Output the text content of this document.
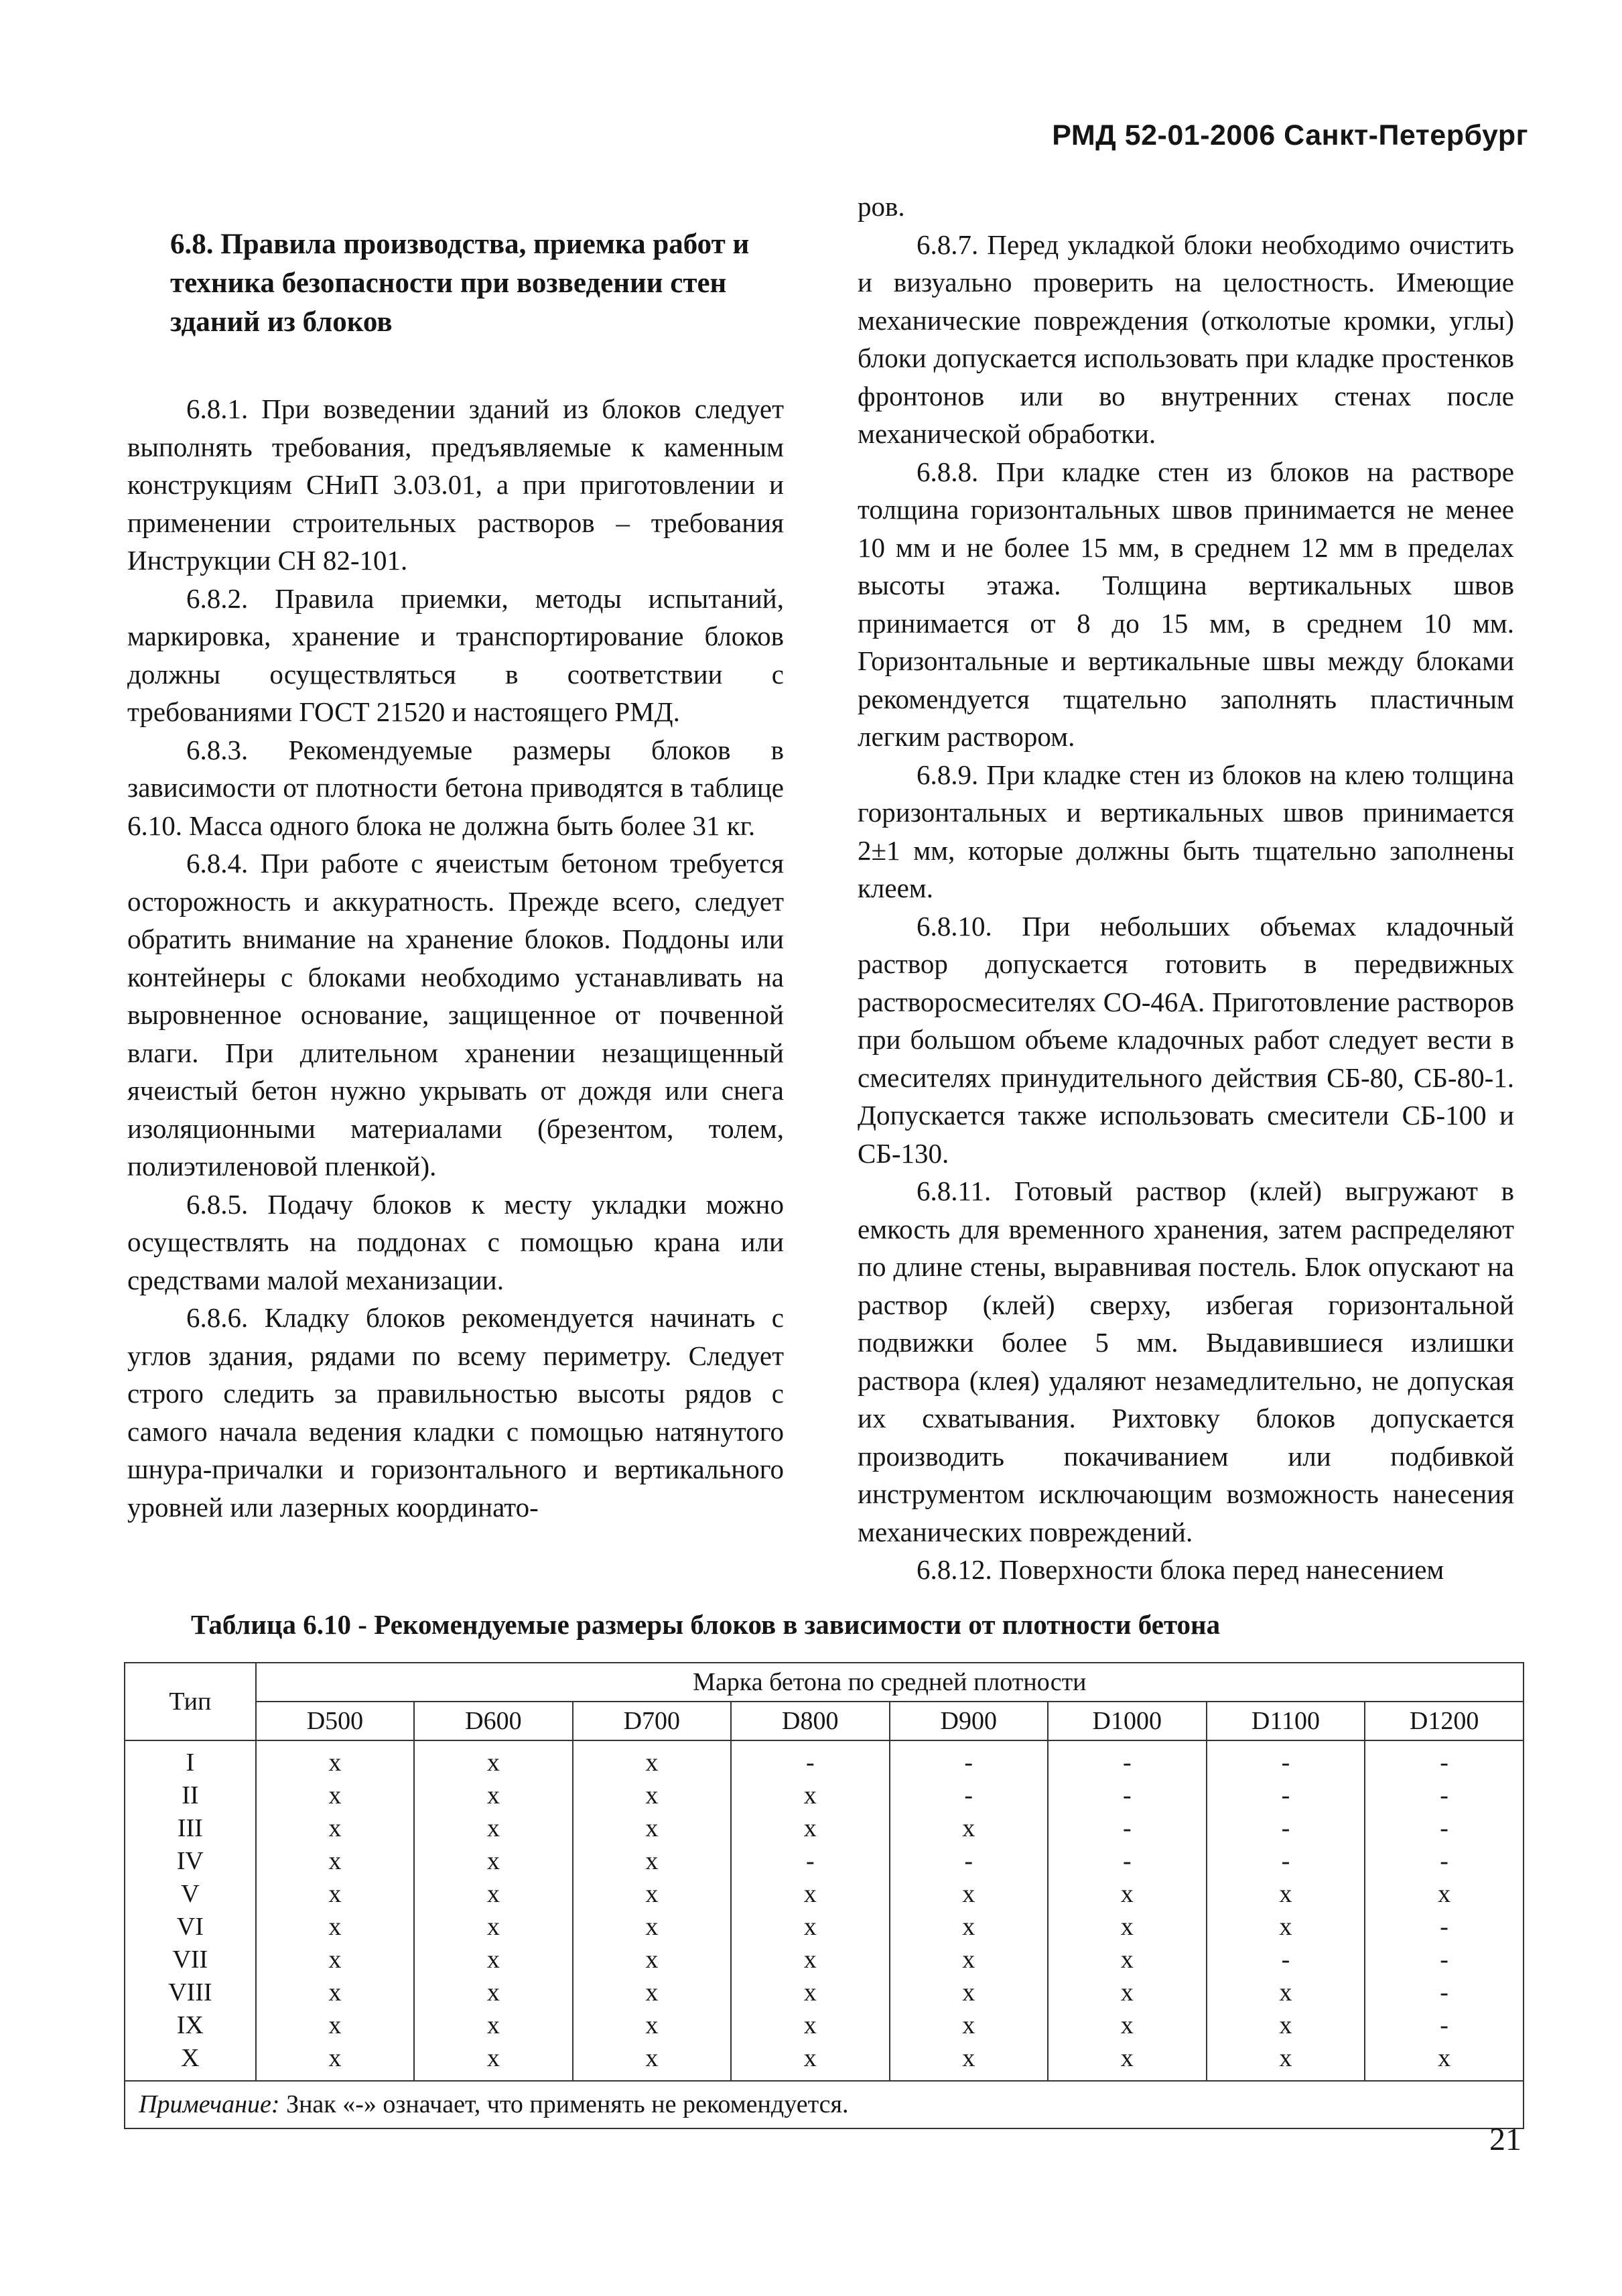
РМД 52-01-2006 Санкт-Петербург
6.8. Правила производства, приемка работ и техника безопасности при возведении стен зданий из блоков

6.8.1. При возведении зданий из блоков следует выполнять требования, предъявляемые к каменным конструкциям СНиП 3.03.01, а при приготовлении и применении строительных растворов – требования Инструкции СН 82-101.

6.8.2. Правила приемки, методы испытаний, маркировка, хранение и транспортирование блоков должны осуществляться в соответствии с требованиями ГОСТ 21520 и настоящего РМД.

6.8.3. Рекомендуемые размеры блоков в зависимости от плотности бетона приводятся в таблице 6.10. Масса одного блока не должна быть более 31 кг.

6.8.4. При работе с ячеистым бетоном требуется осторожность и аккуратность. Прежде всего, следует обратить внимание на хранение блоков. Поддоны или контейнеры с блоками необходимо устанавливать на выровненное основание, защищенное от почвенной влаги. При длительном хранении незащищенный ячеистый бетон нужно укрывать от дождя или снега изоляционными материалами (брезентом, толем, полиэтиленовой пленкой).

6.8.5. Подачу блоков к месту укладки можно осуществлять на поддонах с помощью крана или средствами малой механизации.

6.8.6. Кладку блоков рекомендуется начинать с углов здания, рядами по всему периметру. Следует строго следить за правильностью высоты рядов с самого начала ведения кладки с помощью натянутого шнура-причалки и горизонтального и вертикального уровней или лазерных координато-

ров.

6.8.7. Перед укладкой блоки необходимо очистить и визуально проверить на целостность. Имеющие механические повреждения (отколотые кромки, углы) блоки допускается использовать при кладке простенков фронтонов или во внутренних стенах после механической обработки.

6.8.8. При кладке стен из блоков на растворе толщина горизонтальных швов принимается не менее 10 мм и не более 15 мм, в среднем 12 мм в пределах высоты этажа. Толщина вертикальных швов принимается от 8 до 15 мм, в среднем 10 мм. Горизонтальные и вертикальные швы между блоками рекомендуется тщательно заполнять пластичным легким раствором.

6.8.9. При кладке стен из блоков на клею толщина горизонтальных и вертикальных швов принимается 2±1 мм, которые должны быть тщательно заполнены клеем.

6.8.10. При небольших объемах кладочный раствор допускается готовить в передвижных растворосмесителях СО-46А. Приготовление растворов при большом объеме кладочных работ следует вести в смесителях принудительного действия СБ-80, СБ-80-1. Допускается также использовать смесители СБ-100 и СБ-130.

6.8.11. Готовый раствор (клей) выгружают в емкость для временного хранения, затем распределяют по длине стены, выравнивая постель. Блок опускают на раствор (клей) сверху, избегая горизонтальной подвижки более 5 мм. Выдавившиеся излишки раствора (клея) удаляют незамедлительно, не допуская их схватывания. Рихтовку блоков допускается производить покачиванием или подбивкой инструментом исключающим возможность нанесения механических повреждений.

6.8.12. Поверхности блока перед нанесением

Таблица 6.10 - Рекомендуемые размеры блоков в зависимости от плотности бетона
Тип	Марка бетона по средней плотности							
	D500	D600	D700	D800	D900	D1000	D1100	D1200
I	x	x	x	-	-	-	-	-
II	x	x	x	x	-	-	-	-
III	x	x	x	x	x	-	-	-
IV	x	x	x	-	-	-	-	-
V	x	x	x	x	x	x	x	x
VI	x	x	x	x	x	x	x	-
VII	x	x	x	x	x	x	-	-
VIII	x	x	x	x	x	x	x	-
IX	x	x	x	x	x	x	x	-
X	x	x	x	x	x	x	x	x
Примечание: Знак «-» означает, что применять не рекомендуется.								
21
